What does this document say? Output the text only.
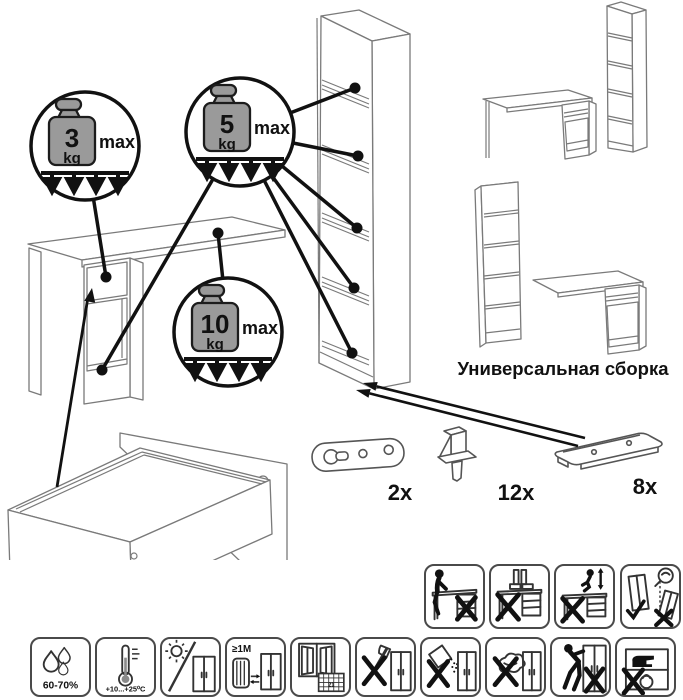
3
kg
max
5
kg
max
10
kg
max
Универсальная сборка
2x	12x	8x
60-70%	+10...+25⁰C
≥1M
21
